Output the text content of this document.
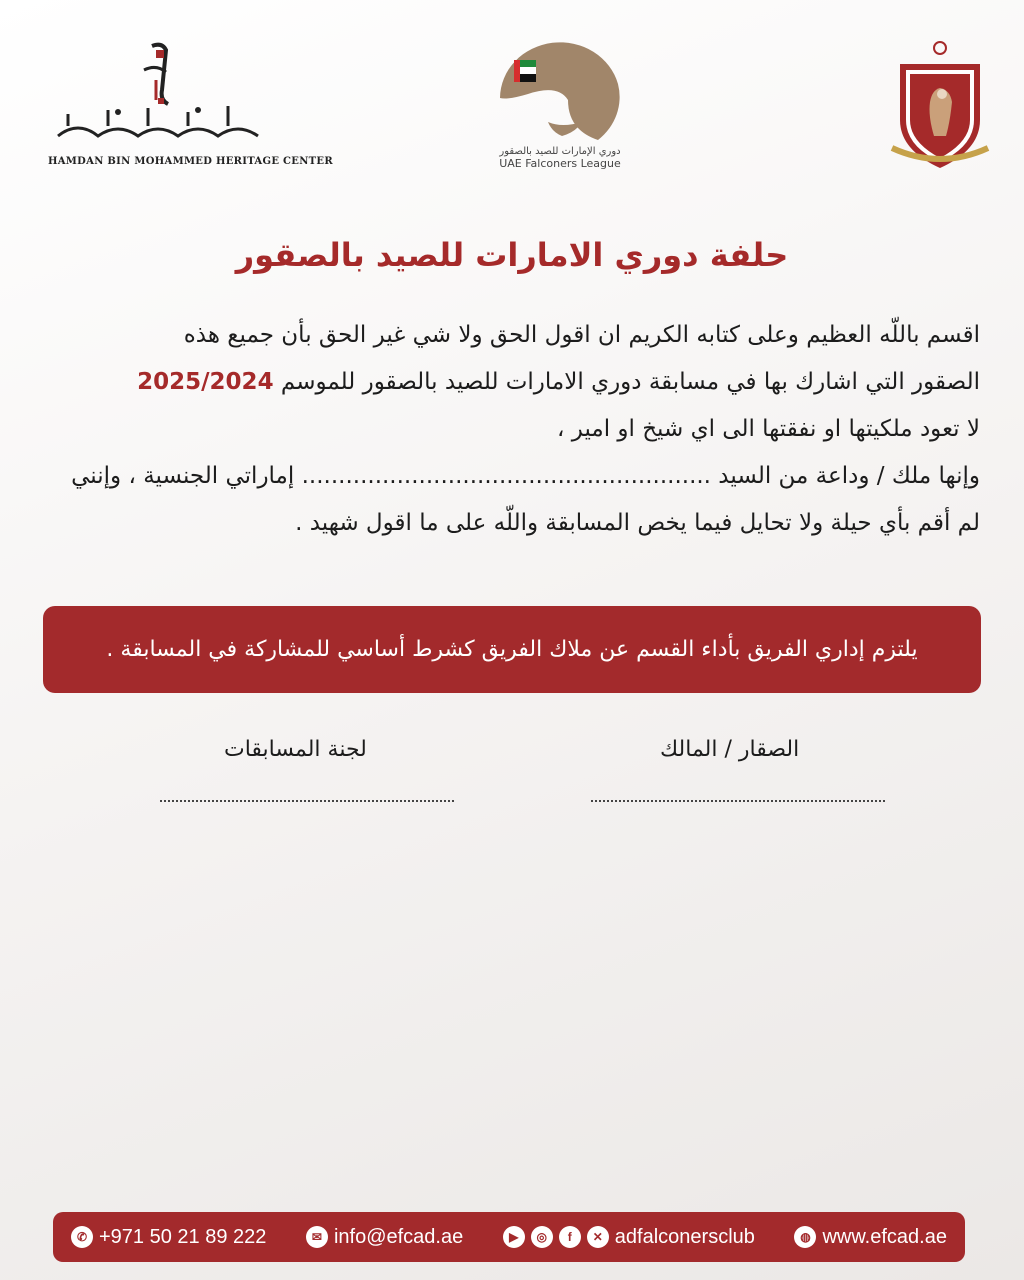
HAMDAN BIN MOHAMMED HERITAGE CENTER
دوري الإمارات للصيد بالصقور
UAE Falconers League
حلفة دوري الامارات للصيد بالصقور
اقسم باللّه العظيم وعلى كتابه الكريم ان اقول الحق ولا شي غير الحق بأن جميع هذه
الصقور التي اشارك بها في مسابقة دوري الامارات للصيد بالصقور للموسم 2025/2024
لا تعود ملكيتها او نفقتها الى اي شيخ او امير ،
وإنها ملك / وداعة من السيد ........................................................ إماراتي الجنسية ، وإنني
لم أقم بأي حيلة ولا تحايل فيما يخص المسابقة واللّه على ما اقول شهيد .
يلتزم إداري الفريق بأداء القسم عن ملاك الفريق كشرط أساسي للمشاركة في المسابقة .
الصقار / المالك
لجنة المسابقات
✆ +971 50 21 89 222	✉ info@efcad.ae	▶	◎	f	✕ adfalconersclub	◍ www.efcad.ae
